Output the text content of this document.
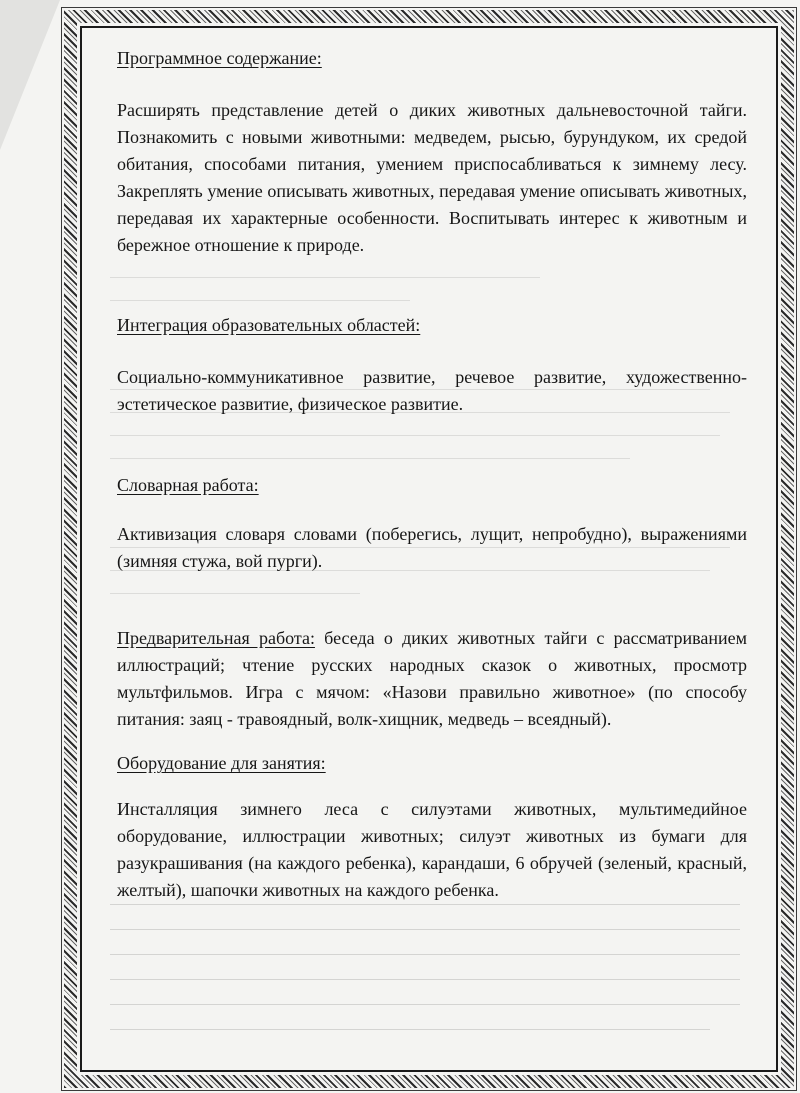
Программное содержание:

Расширять представление детей о диких животных дальневосточной тайги. Познакомить с новыми животными: медведем, рысью, бурундуком, их средой обитания, способами питания, умением приспосабливаться к зимнему лесу. Закреплять умение описывать животных, передавая умение описывать животных, передавая их характерные особенности. Воспитывать интерес к животным и бережное отношение к природе.

Интеграция образовательных областей:

Социально-коммуникативное развитие, речевое развитие, художественно-эстетическое развитие, физическое развитие.

Словарная работа:

Активизация словаря словами (поберегись, лущит, непробудно), выражениями (зимняя стужа, вой пурги).

Предварительная работа: беседа о диких животных тайги с рассматриванием иллюстраций; чтение русских народных сказок о животных, просмотр мультфильмов. Игра с мячом: «Назови правильно животное» (по способу питания: заяц - травоядный, волк-хищник, медведь – всеядный).

Оборудование для занятия:

Инсталляция зимнего леса с силуэтами животных, мультимедийное оборудование, иллюстрации животных; силуэт животных из бумаги для разукрашивания (на каждого ребенка), карандаши, 6 обручей (зеленый, красный, желтый), шапочки животных на каждого ребенка.
